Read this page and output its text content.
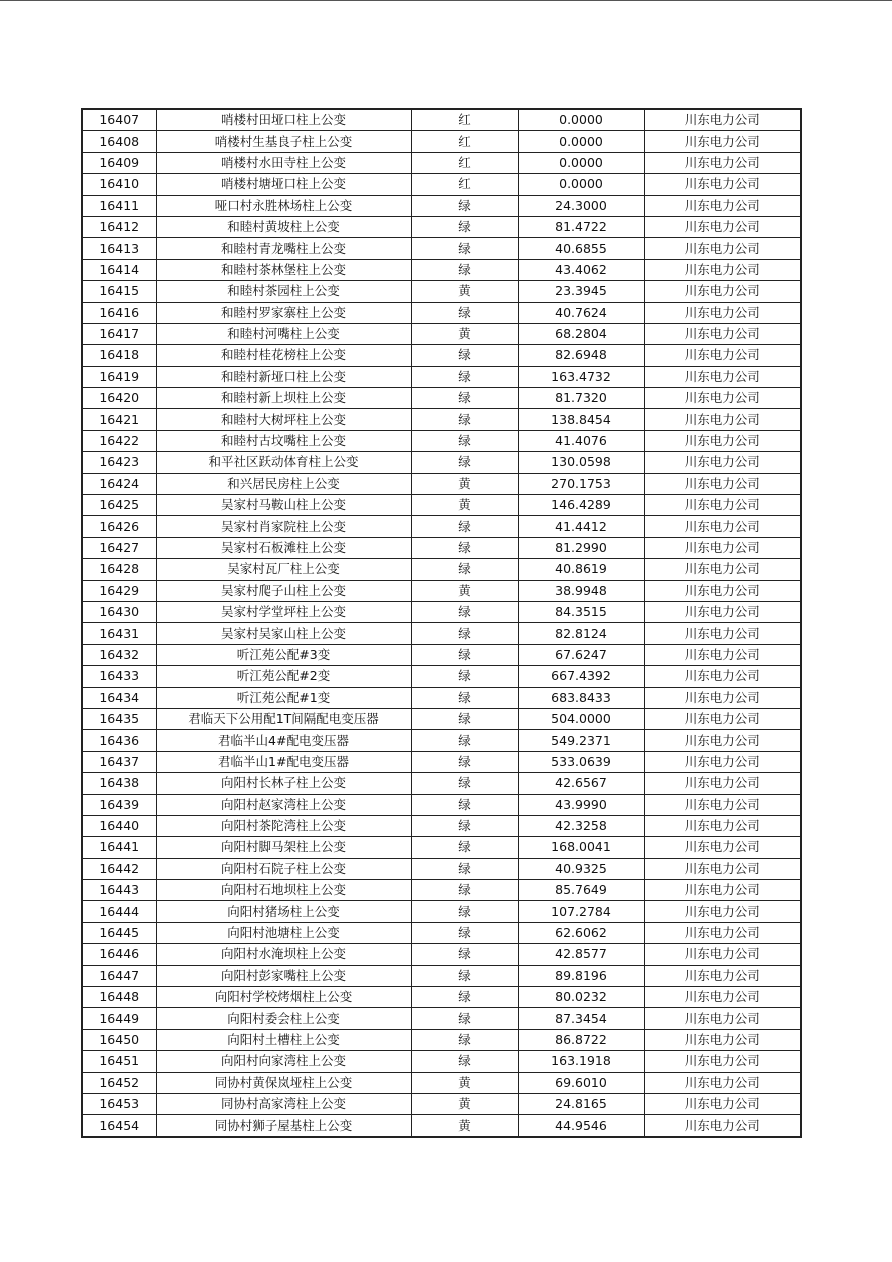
16407	哨楼村田垭口柱上公变	红	0.0000	川东电力公司
16408	哨楼村生基良子柱上公变	红	0.0000	川东电力公司
16409	哨楼村水田寺柱上公变	红	0.0000	川东电力公司
16410	哨楼村塘垭口柱上公变	红	0.0000	川东电力公司
16411	哑口村永胜林场柱上公变	绿	24.3000	川东电力公司
16412	和睦村黄坡柱上公变	绿	81.4722	川东电力公司
16413	和睦村青龙嘴柱上公变	绿	40.6855	川东电力公司
16414	和睦村茶林堡柱上公变	绿	43.4062	川东电力公司
16415	和睦村茶园柱上公变	黄	23.3945	川东电力公司
16416	和睦村罗家寨柱上公变	绿	40.7624	川东电力公司
16417	和睦村河嘴柱上公变	黄	68.2804	川东电力公司
16418	和睦村桂花榜柱上公变	绿	82.6948	川东电力公司
16419	和睦村新垭口柱上公变	绿	163.4732	川东电力公司
16420	和睦村新上坝柱上公变	绿	81.7320	川东电力公司
16421	和睦村大树坪柱上公变	绿	138.8454	川东电力公司
16422	和睦村古坟嘴柱上公变	绿	41.4076	川东电力公司
16423	和平社区跃动体育柱上公变	绿	130.0598	川东电力公司
16424	和兴居民房柱上公变	黄	270.1753	川东电力公司
16425	吴家村马鞍山柱上公变	黄	146.4289	川东电力公司
16426	吴家村肖家院柱上公变	绿	41.4412	川东电力公司
16427	吴家村石板滩柱上公变	绿	81.2990	川东电力公司
16428	吴家村瓦厂柱上公变	绿	40.8619	川东电力公司
16429	吴家村爬子山柱上公变	黄	38.9948	川东电力公司
16430	吴家村学堂坪柱上公变	绿	84.3515	川东电力公司
16431	吴家村吴家山柱上公变	绿	82.8124	川东电力公司
16432	听江苑公配#3变	绿	67.6247	川东电力公司
16433	听江苑公配#2变	绿	667.4392	川东电力公司
16434	听江苑公配#1变	绿	683.8433	川东电力公司
16435	君临天下公用配1T间隔配电变压器	绿	504.0000	川东电力公司
16436	君临半山4#配电变压器	绿	549.2371	川东电力公司
16437	君临半山1#配电变压器	绿	533.0639	川东电力公司
16438	向阳村长林子柱上公变	绿	42.6567	川东电力公司
16439	向阳村赵家湾柱上公变	绿	43.9990	川东电力公司
16440	向阳村茶陀湾柱上公变	绿	42.3258	川东电力公司
16441	向阳村脚马架柱上公变	绿	168.0041	川东电力公司
16442	向阳村石院子柱上公变	绿	40.9325	川东电力公司
16443	向阳村石地坝柱上公变	绿	85.7649	川东电力公司
16444	向阳村猪场柱上公变	绿	107.2784	川东电力公司
16445	向阳村池塘柱上公变	绿	62.6062	川东电力公司
16446	向阳村水淹坝柱上公变	绿	42.8577	川东电力公司
16447	向阳村彭家嘴柱上公变	绿	89.8196	川东电力公司
16448	向阳村学校烤烟柱上公变	绿	80.0232	川东电力公司
16449	向阳村委会柱上公变	绿	87.3454	川东电力公司
16450	向阳村土槽柱上公变	绿	86.8722	川东电力公司
16451	向阳村向家湾柱上公变	绿	163.1918	川东电力公司
16452	同协村黄保岚垭柱上公变	黄	69.6010	川东电力公司
16453	同协村高家湾柱上公变	黄	24.8165	川东电力公司
16454	同协村狮子屋基柱上公变	黄	44.9546	川东电力公司
